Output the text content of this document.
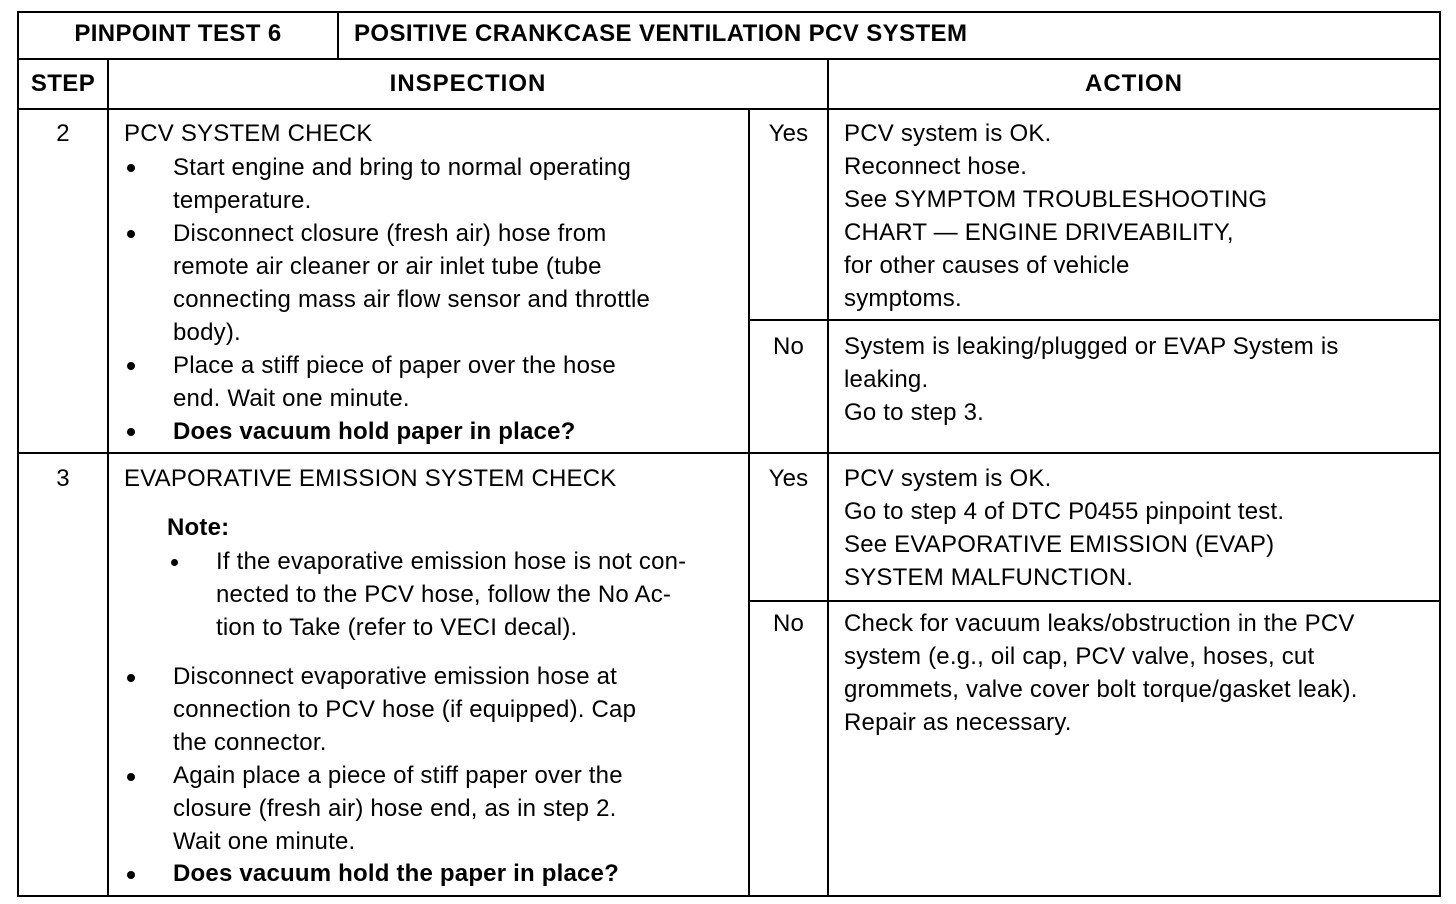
PINPOINT TEST 6	POSITIVE CRANKCASE VENTILATION PCV SYSTEM
STEP	INSPECTION	ACTION
2	PCV SYSTEM CHECK
Start engine and bring to normal operating
temperature.
Disconnect closure (fresh air) hose from
remote air cleaner or air inlet tube (tube
connecting mass air flow sensor and throttle
body).
Place a stiff piece of paper over the hose
end. Wait one minute.
Does vacuum hold paper in place?
Yes	PCV system is OK.
Reconnect hose.
See SYMPTOM TROUBLESHOOTING
CHART — ENGINE DRIVEABILITY,
for other causes of vehicle
symptoms.
No	System is leaking/plugged or EVAP System is
leaking.
Go to step 3.
3	EVAPORATIVE EMISSION SYSTEM CHECK
Note:
If the evaporative emission hose is not con-
nected to the PCV hose, follow the No Ac-
tion to Take (refer to VECI decal).
Disconnect evaporative emission hose at
connection to PCV hose (if equipped). Cap
the connector.
Again place a piece of stiff paper over the
closure (fresh air) hose end, as in step 2.
Wait one minute.
Does vacuum hold the paper in place?
Yes	PCV system is OK.
Go to step 4 of DTC P0455 pinpoint test.
See EVAPORATIVE EMISSION (EVAP)
SYSTEM MALFUNCTION.
No	Check for vacuum leaks/obstruction in the PCV
system (e.g., oil cap, PCV valve, hoses, cut
grommets, valve cover bolt torque/gasket leak).
Repair as necessary.
